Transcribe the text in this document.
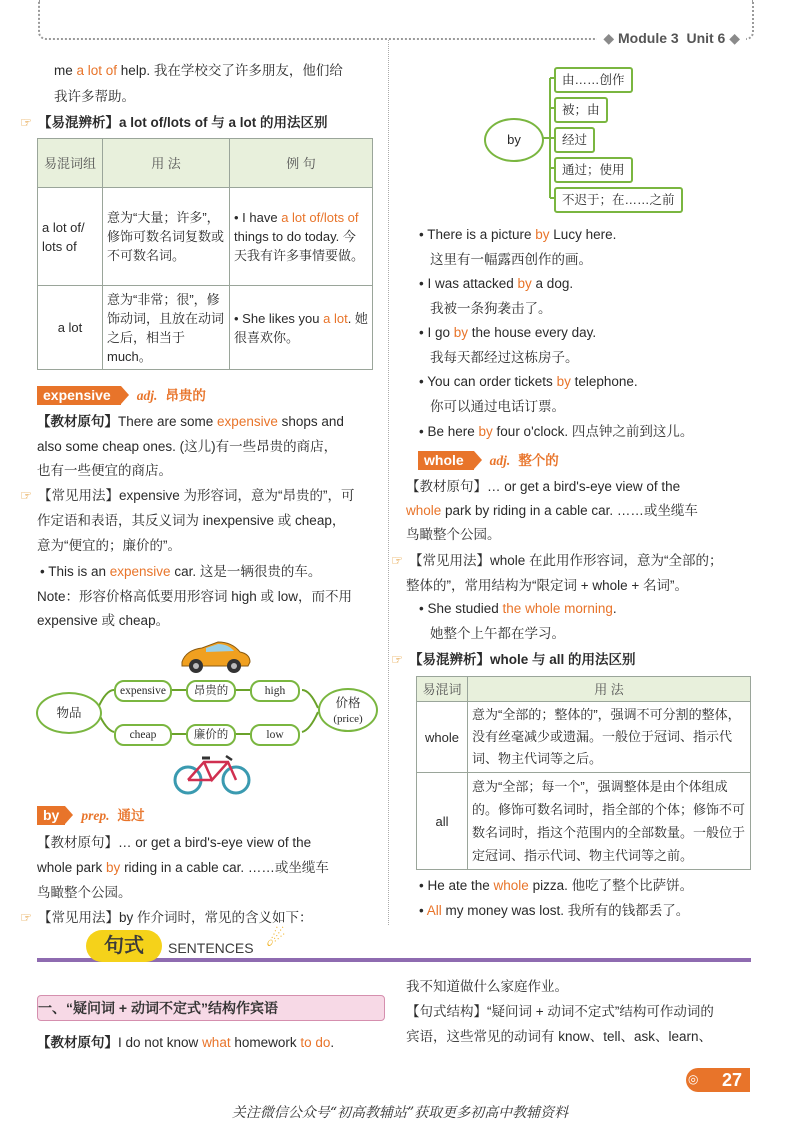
◆ Module 3 Unit 6 ◆
me a lot of help. 我在学校交了许多朋友，他们给
我许多帮助。
☞ 【易混辨析】a lot of/lots of 与 a lot 的用法区别
易混词组	用 法	例 句
a lot of/ lots of	意为“大量；许多”，修饰可数名词复数或不可数名词。	• I have a lot of/lots of things to do today. 今天我有许多事情要做。
a lot	意为“非常；很”，修饰动词，且放在动词之后，相当于much。	• She likes you a lot. 她很喜欢你。
expensive adj. 昂贵的
【教材原句】There are some expensive shops and
also some cheap ones. (这儿)有一些昂贵的商店，
也有一些便宜的商店。
☞ 【常见用法】expensive 为形容词，意为“昂贵的”，可
作定语和表语，其反义词为 inexpensive 或 cheap，
意为“便宜的；廉价的”。
• This is an expensive car. 这是一辆很贵的车。
Note：形容价格高低要用形容词 high 或 low，而不用
expensive 或 cheap。
物品
价格
(price)
expensive	昂贵的	high
cheap	廉价的	low
by prep. 通过
【教材原句】… or get a bird's-eye view of the
whole park by riding in a cable car. ……或坐缆车
鸟瞰整个公园。
☞ 【常见用法】by 作介词时，常见的含义如下：
by
由……创作
被；由
经过
通过；使用
不迟于；在……之前
• There is a picture by Lucy here.
这里有一幅露西创作的画。
• I was attacked by a dog.
我被一条狗袭击了。
• I go by the house every day.
我每天都经过这栋房子。
• You can order tickets by telephone.
你可以通过电话订票。
• Be here by four o'clock. 四点钟之前到这儿。
whole adj. 整个的
【教材原句】… or get a bird's-eye view of the
whole park by riding in a cable car. ……或坐缆车
鸟瞰整个公园。
☞ 【常见用法】whole 在此用作形容词，意为“全部的；
整体的”，常用结构为“限定词 + whole + 名词”。
• She studied the whole morning.
她整个上午都在学习。
☞ 【易混辨析】whole 与 all 的用法区别
易混词	用 法
whole	意为“全部的；整体的”，强调不可分割的整体，没有丝毫减少或遗漏。一般位于冠词、指示代词、物主代词等之后。
all	意为“全部；每一个”，强调整体是由个体组成的。修饰可数名词时，指全部的个体；修饰不可数名词时，指这个范围内的全部数量。一般位于定冠词、指示代词、物主代词等之前。
• He ate the whole pizza. 他吃了整个比萨饼。
• All my money was lost. 我所有的钱都丢了。
句式	SENTENCES ☄
一、“疑问词 + 动词不定式”结构作宾语
【教材原句】I do not know what homework to do.
我不知道做什么家庭作业。
【句式结构】“疑问词 + 动词不定式”结构可作动词的
宾语，这些常见的动词有 know、tell、ask、learn、
27
◎
关注微信公众号“初高教辅站”获取更多初高中教辅资料
